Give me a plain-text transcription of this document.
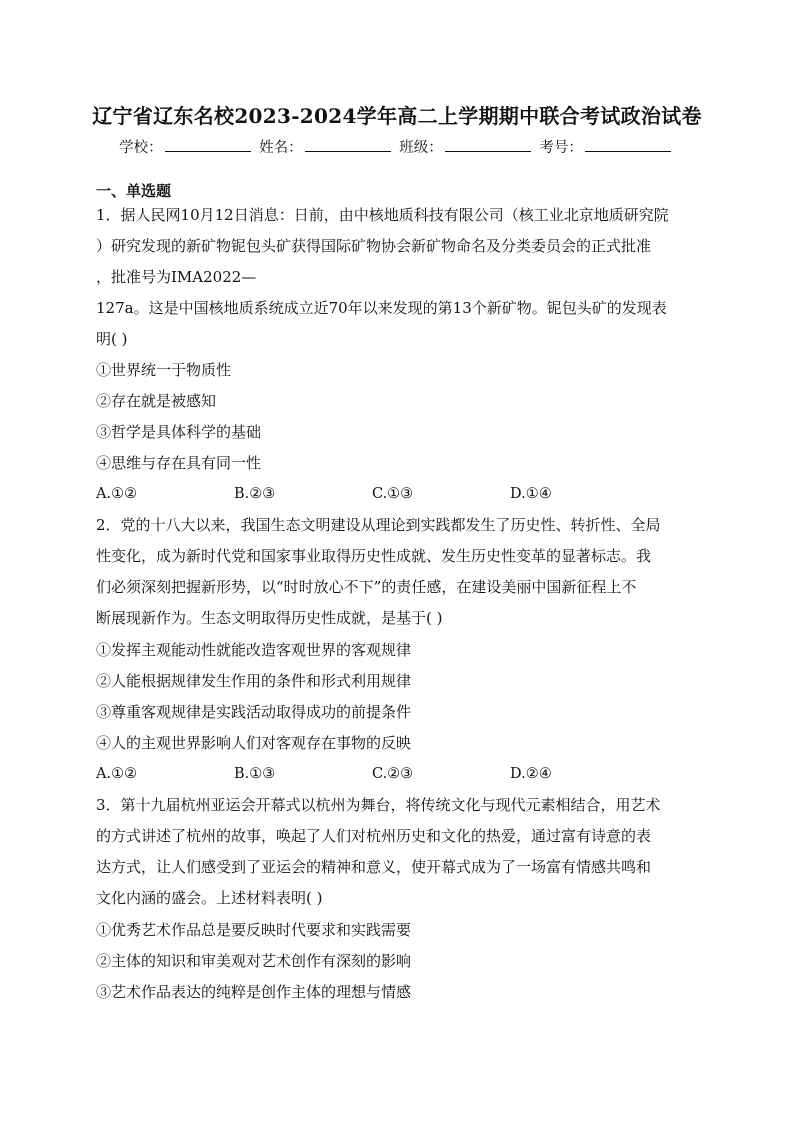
辽宁省辽东名校2023-2024学年高二上学期期中联合考试政治试卷
学校：	姓名：	班级：	考号：
一、单选题
1．据人民网10月12日消息：日前，由中核地质科技有限公司（核工业北京地质研究院
）研究发现的新矿物铌包头矿获得国际矿物协会新矿物命名及分类委员会的正式批准
，批准号为IMA2022—
127a。这是中国核地质系统成立近70年以来发现的第13个新矿物。铌包头矿的发现表
明( )
①世界统一于物质性
②存在就是被感知
③哲学是具体科学的基础
④思维与存在具有同一性
A.①②	B.②③	C.①③	D.①④
2．党的十八大以来，我国生态文明建设从理论到实践都发生了历史性、转折性、全局
性变化，成为新时代党和国家事业取得历史性成就、发生历史性变革的显著标志。我
们必须深刻把握新形势，以“时时放心不下”的责任感，在建设美丽中国新征程上不
断展现新作为。生态文明取得历史性成就，是基于( )
①发挥主观能动性就能改造客观世界的客观规律
②人能根据规律发生作用的条件和形式利用规律
③尊重客观规律是实践活动取得成功的前提条件
④人的主观世界影响人们对客观存在事物的反映
A.①②	B.①③	C.②③	D.②④
3．第十九届杭州亚运会开幕式以杭州为舞台，将传统文化与现代元素相结合，用艺术
的方式讲述了杭州的故事，唤起了人们对杭州历史和文化的热爱，通过富有诗意的表
达方式，让人们感受到了亚运会的精神和意义，使开幕式成为了一场富有情感共鸣和
文化内涵的盛会。上述材料表明( )
①优秀艺术作品总是要反映时代要求和实践需要
②主体的知识和审美观对艺术创作有深刻的影响
③艺术作品表达的纯粹是创作主体的理想与情感
